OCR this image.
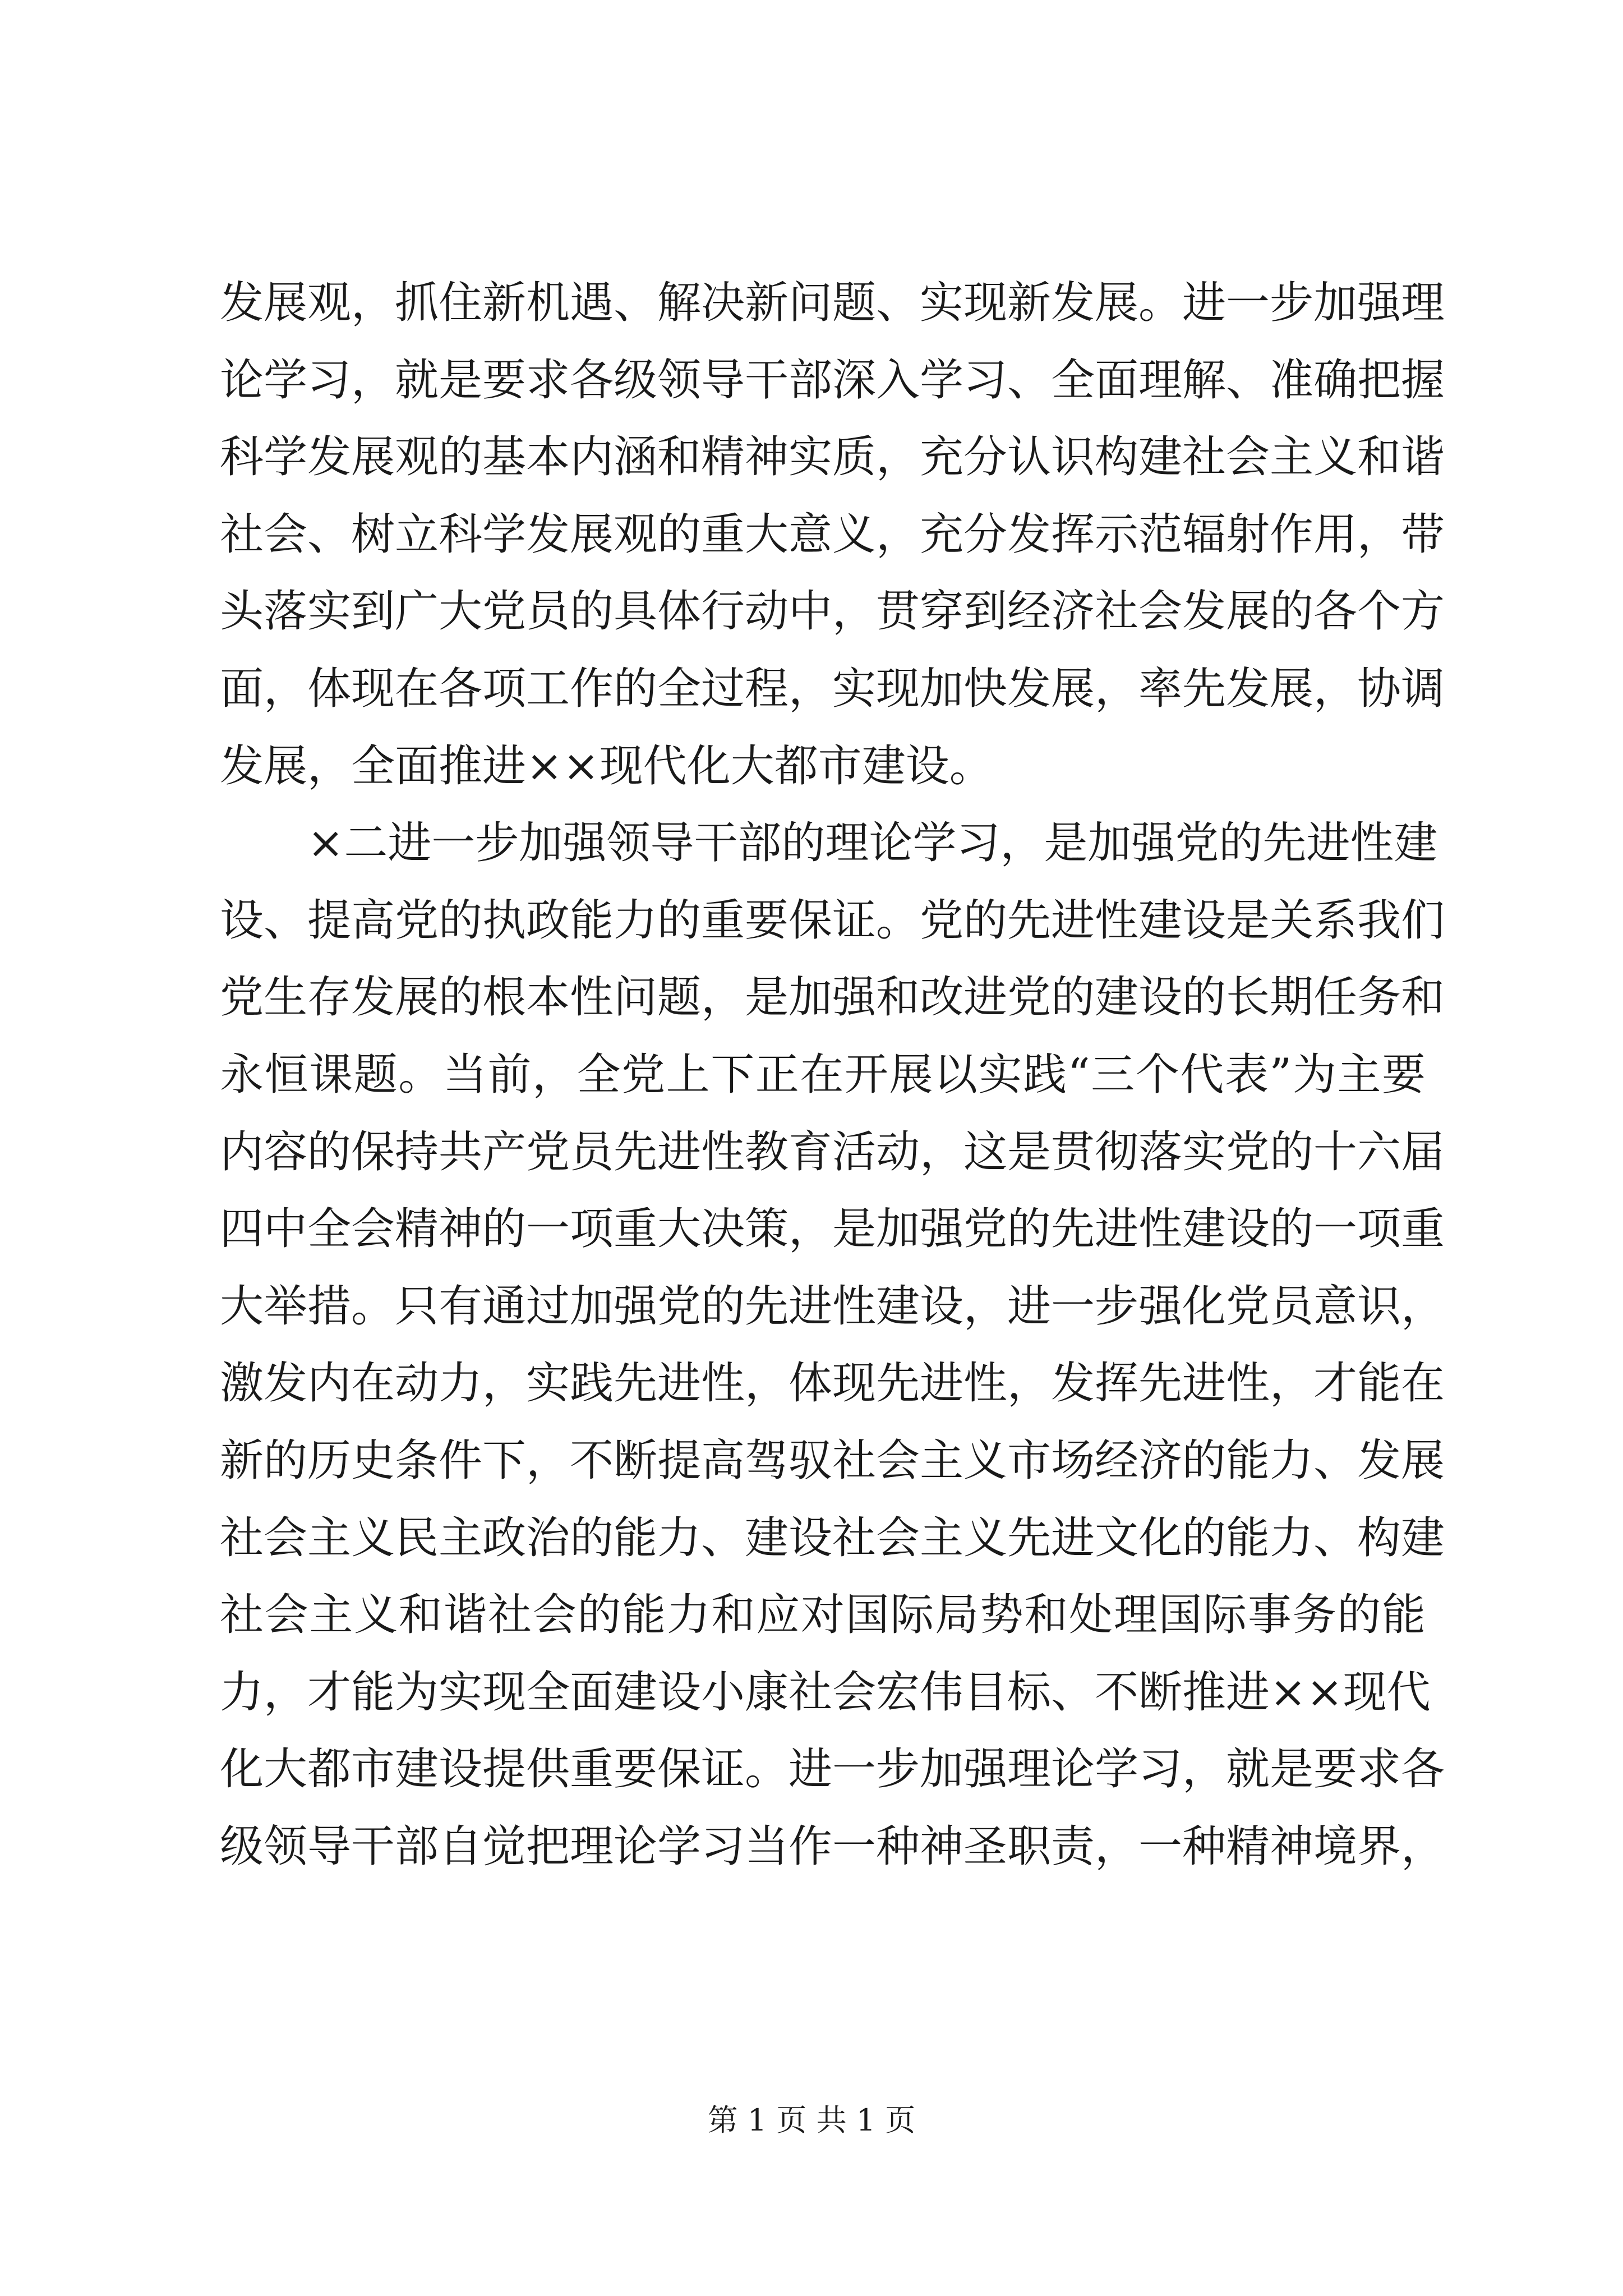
发展观，抓住新机遇、解决新问题、实现新发展。进一步加强理
论学习，就是要求各级领导干部深入学习、全面理解、准确把握
科学发展观的基本内涵和精神实质，充分认识构建社会主义和谐
社会、树立科学发展观的重大意义，充分发挥示范辐射作用，带
头落实到广大党员的具体行动中，贯穿到经济社会发展的各个方
面，体现在各项工作的全过程，实现加快发展，率先发展，协调
发展，全面推进××现代化大都市建设。
×二进一步加强领导干部的理论学习，是加强党的先进性建
设、提高党的执政能力的重要保证。党的先进性建设是关系我们
党生存发展的根本性问题，是加强和改进党的建设的长期任务和
永恒课题。当前，全党上下正在开展以实践“三个代表”为主要
内容的保持共产党员先进性教育活动，这是贯彻落实党的十六届
四中全会精神的一项重大决策，是加强党的先进性建设的一项重
大举措。只有通过加强党的先进性建设，进一步强化党员意识，
激发内在动力，实践先进性，体现先进性，发挥先进性，才能在
新的历史条件下，不断提高驾驭社会主义市场经济的能力、发展
社会主义民主政治的能力、建设社会主义先进文化的能力、构建
社会主义和谐社会的能力和应对国际局势和处理国际事务的能
力，才能为实现全面建设小康社会宏伟目标、不断推进××现代
化大都市建设提供重要保证。进一步加强理论学习，就是要求各
级领导干部自觉把理论学习当作一种神圣职责，一种精神境界，
第 1 页 共 1 页
